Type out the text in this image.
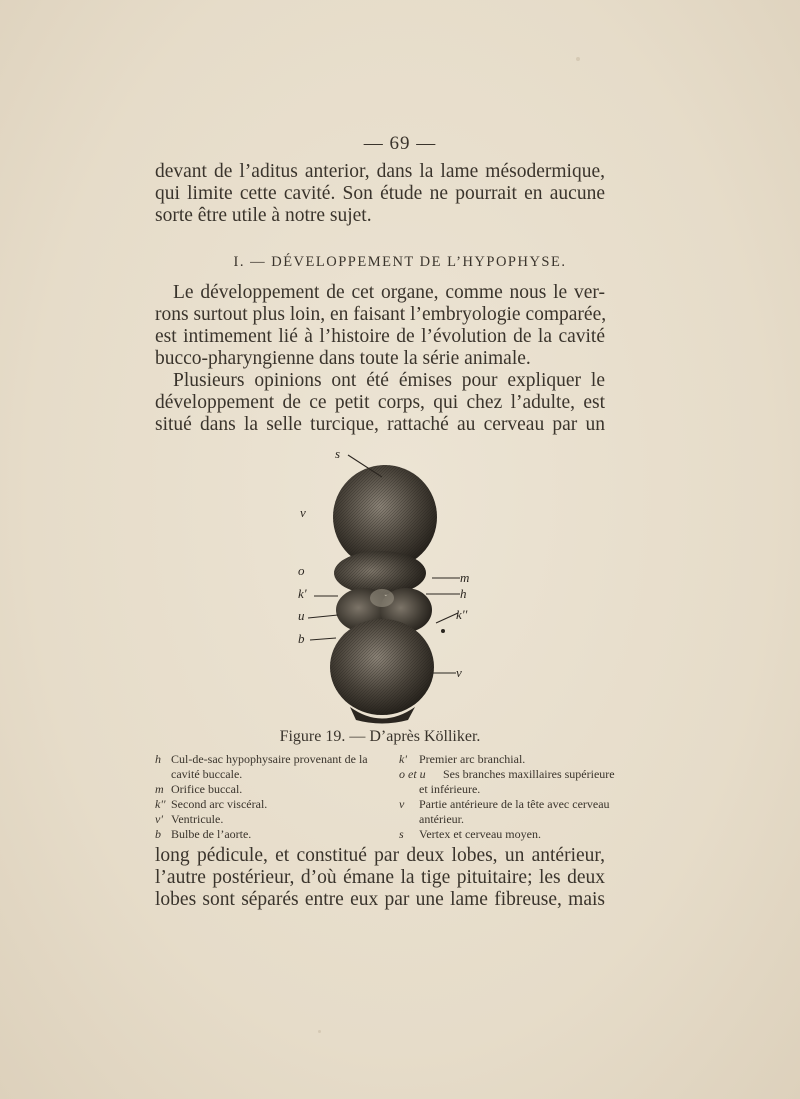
— 69 —
devant de l’aditus anterior, dans la lame mésodermique,
qui limite cette cavité. Son étude ne pourrait en aucune
sorte être utile à notre sujet.
I. — DÉVELOPPEMENT DE L’HYPOPHYSE.
Le développement de cet organe, comme nous le ver-
rons surtout plus loin, en faisant l’embryologie comparée,
est intimement lié à l’histoire de l’évolution de la cavité
bucco-pharyngienne dans toute la série animale.
Plusieurs opinions ont été émises pour expliquer le
développement de ce petit corps, qui chez l’adulte, est
situé dans la selle turcique, rattaché au cerveau par un
s
v
o
k'
u
b
m
h
k''
v
Figure 19. — D’après Kölliker.
h Cul-de-sac hypophysaire provenant de la
cavité buccale.
m Orifice buccal.
k'' Second arc viscéral.
v' Ventricule.
b Bulbe de l’aorte.
k' Premier arc branchial.
o et u Ses branches maxillaires supérieure
et inférieure.
v Partie antérieure de la tête avec cerveau
antérieur.
s Vertex et cerveau moyen.
long pédicule, et constitué par deux lobes, un antérieur,
l’autre postérieur, d’où émane la tige pituitaire; les deux
lobes sont séparés entre eux par une lame fibreuse, mais
